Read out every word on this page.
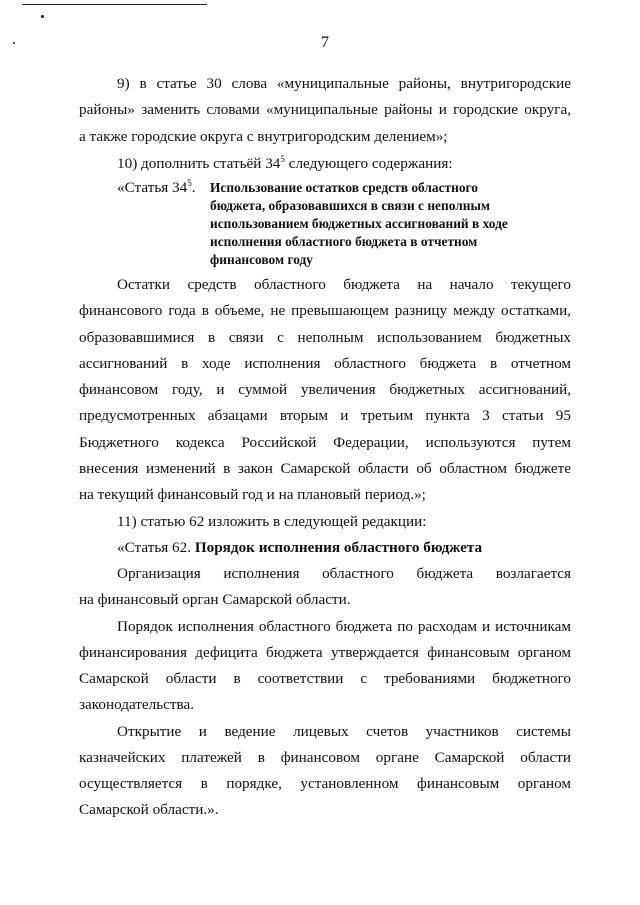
7
9) в статье 30 слова «муниципальные районы, внутригородские
районы» заменить словами «муниципальные районы и городские округа,
а также городские округа с внутригородским делением»;
10) дополнить статьёй $34^5$ следующего содержания:
«Статья $34^5$. Использование остатков средств областного
бюджета, образовавшихся в связи с неполным
использованием бюджетных ассигнований в ходе
исполнения областного бюджета в отчетном
финансовом году
Остатки средств областного бюджета на начало текущего
финансового года в объеме, не превышающем разницу между остатками,
образовавшимися в связи с неполным использованием бюджетных
ассигнований в ходе исполнения областного бюджета в отчетном
финансовом году, и суммой увеличения бюджетных ассигнований,
предусмотренных абзацами вторым и третьим пункта 3 статьи 95
Бюджетного кодекса Российской Федерации, используются путем
внесения изменений в закон Самарской области об областном бюджете
на текущий финансовый год и на плановый период.»;
11) статью 62 изложить в следующей редакции:
«Статья 62. Порядок исполнения областного бюджета
Организация исполнения областного бюджета возлагается
на финансовый орган Самарской области.
Порядок исполнения областного бюджета по расходам и источникам
финансирования дефицита бюджета утверждается финансовым органом
Самарской области в соответствии с требованиями бюджетного
законодательства.
Открытие и ведение лицевых счетов участников системы
казначейских платежей в финансовом органе Самарской области
осуществляется в порядке, установленном финансовым органом
Самарской области.».
